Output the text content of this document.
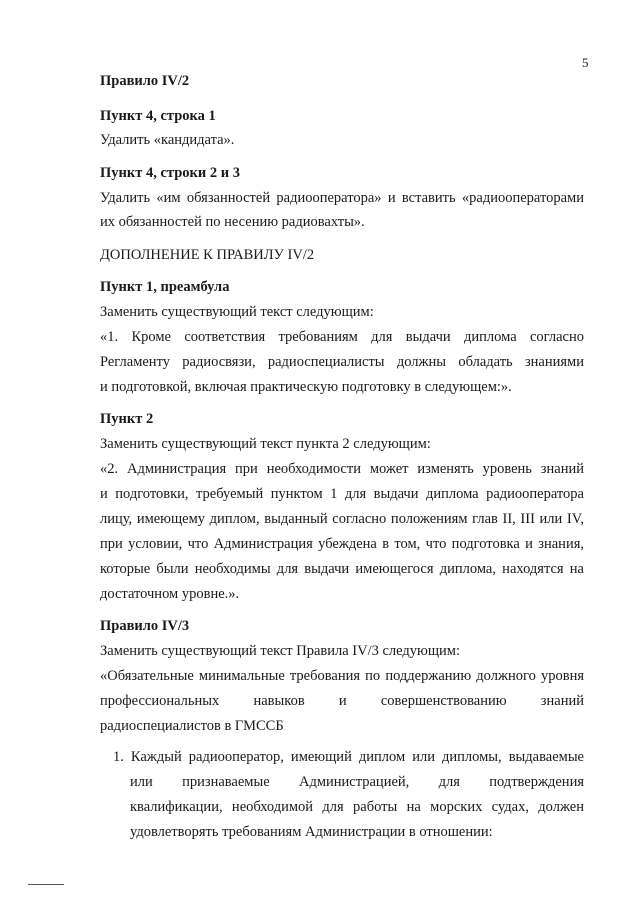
5
Правило IV/2
Пункт 4, строка 1
Удалить «кандидата».
Пункт 4, строки 2 и 3
Удалить «им обязанностей радиооператора» и вставить «радиооператорами
их обязанностей по несению радиовахты».
ДОПОЛНЕНИЕ К ПРАВИЛУ IV/2
Пункт 1, преамбула
Заменить существующий текст следующим:
«1. Кроме соответствия требованиям для выдачи диплома согласно
Регламенту радиосвязи, радиоспециалисты должны обладать знаниями
и подготовкой, включая практическую подготовку в следующем:».
Пункт 2
Заменить существующий текст пункта 2 следующим:
«2. Администрация при необходимости может изменять уровень знаний
и подготовки, требуемый пунктом 1 для выдачи диплома радиооператора
лицу, имеющему диплом, выданный согласно положениям глав II, III или IV,
при условии, что Администрация убеждена в том, что подготовка и знания,
которые были необходимы для выдачи имеющегося диплома, находятся на
достаточном уровне.».
Правило IV/3
Заменить существующий текст Правила IV/3 следующим:
«Обязательные минимальные требования по поддержанию должного уровня
профессиональных навыков и совершенствованию знаний
радиоспециалистов в ГМССБ
1. Каждый радиооператор, имеющий диплом или дипломы, выдаваемые
или признаваемые Администрацией, для подтверждения
квалификации, необходимой для работы на морских судах, должен
удовлетворять требованиям Администрации в отношении:
